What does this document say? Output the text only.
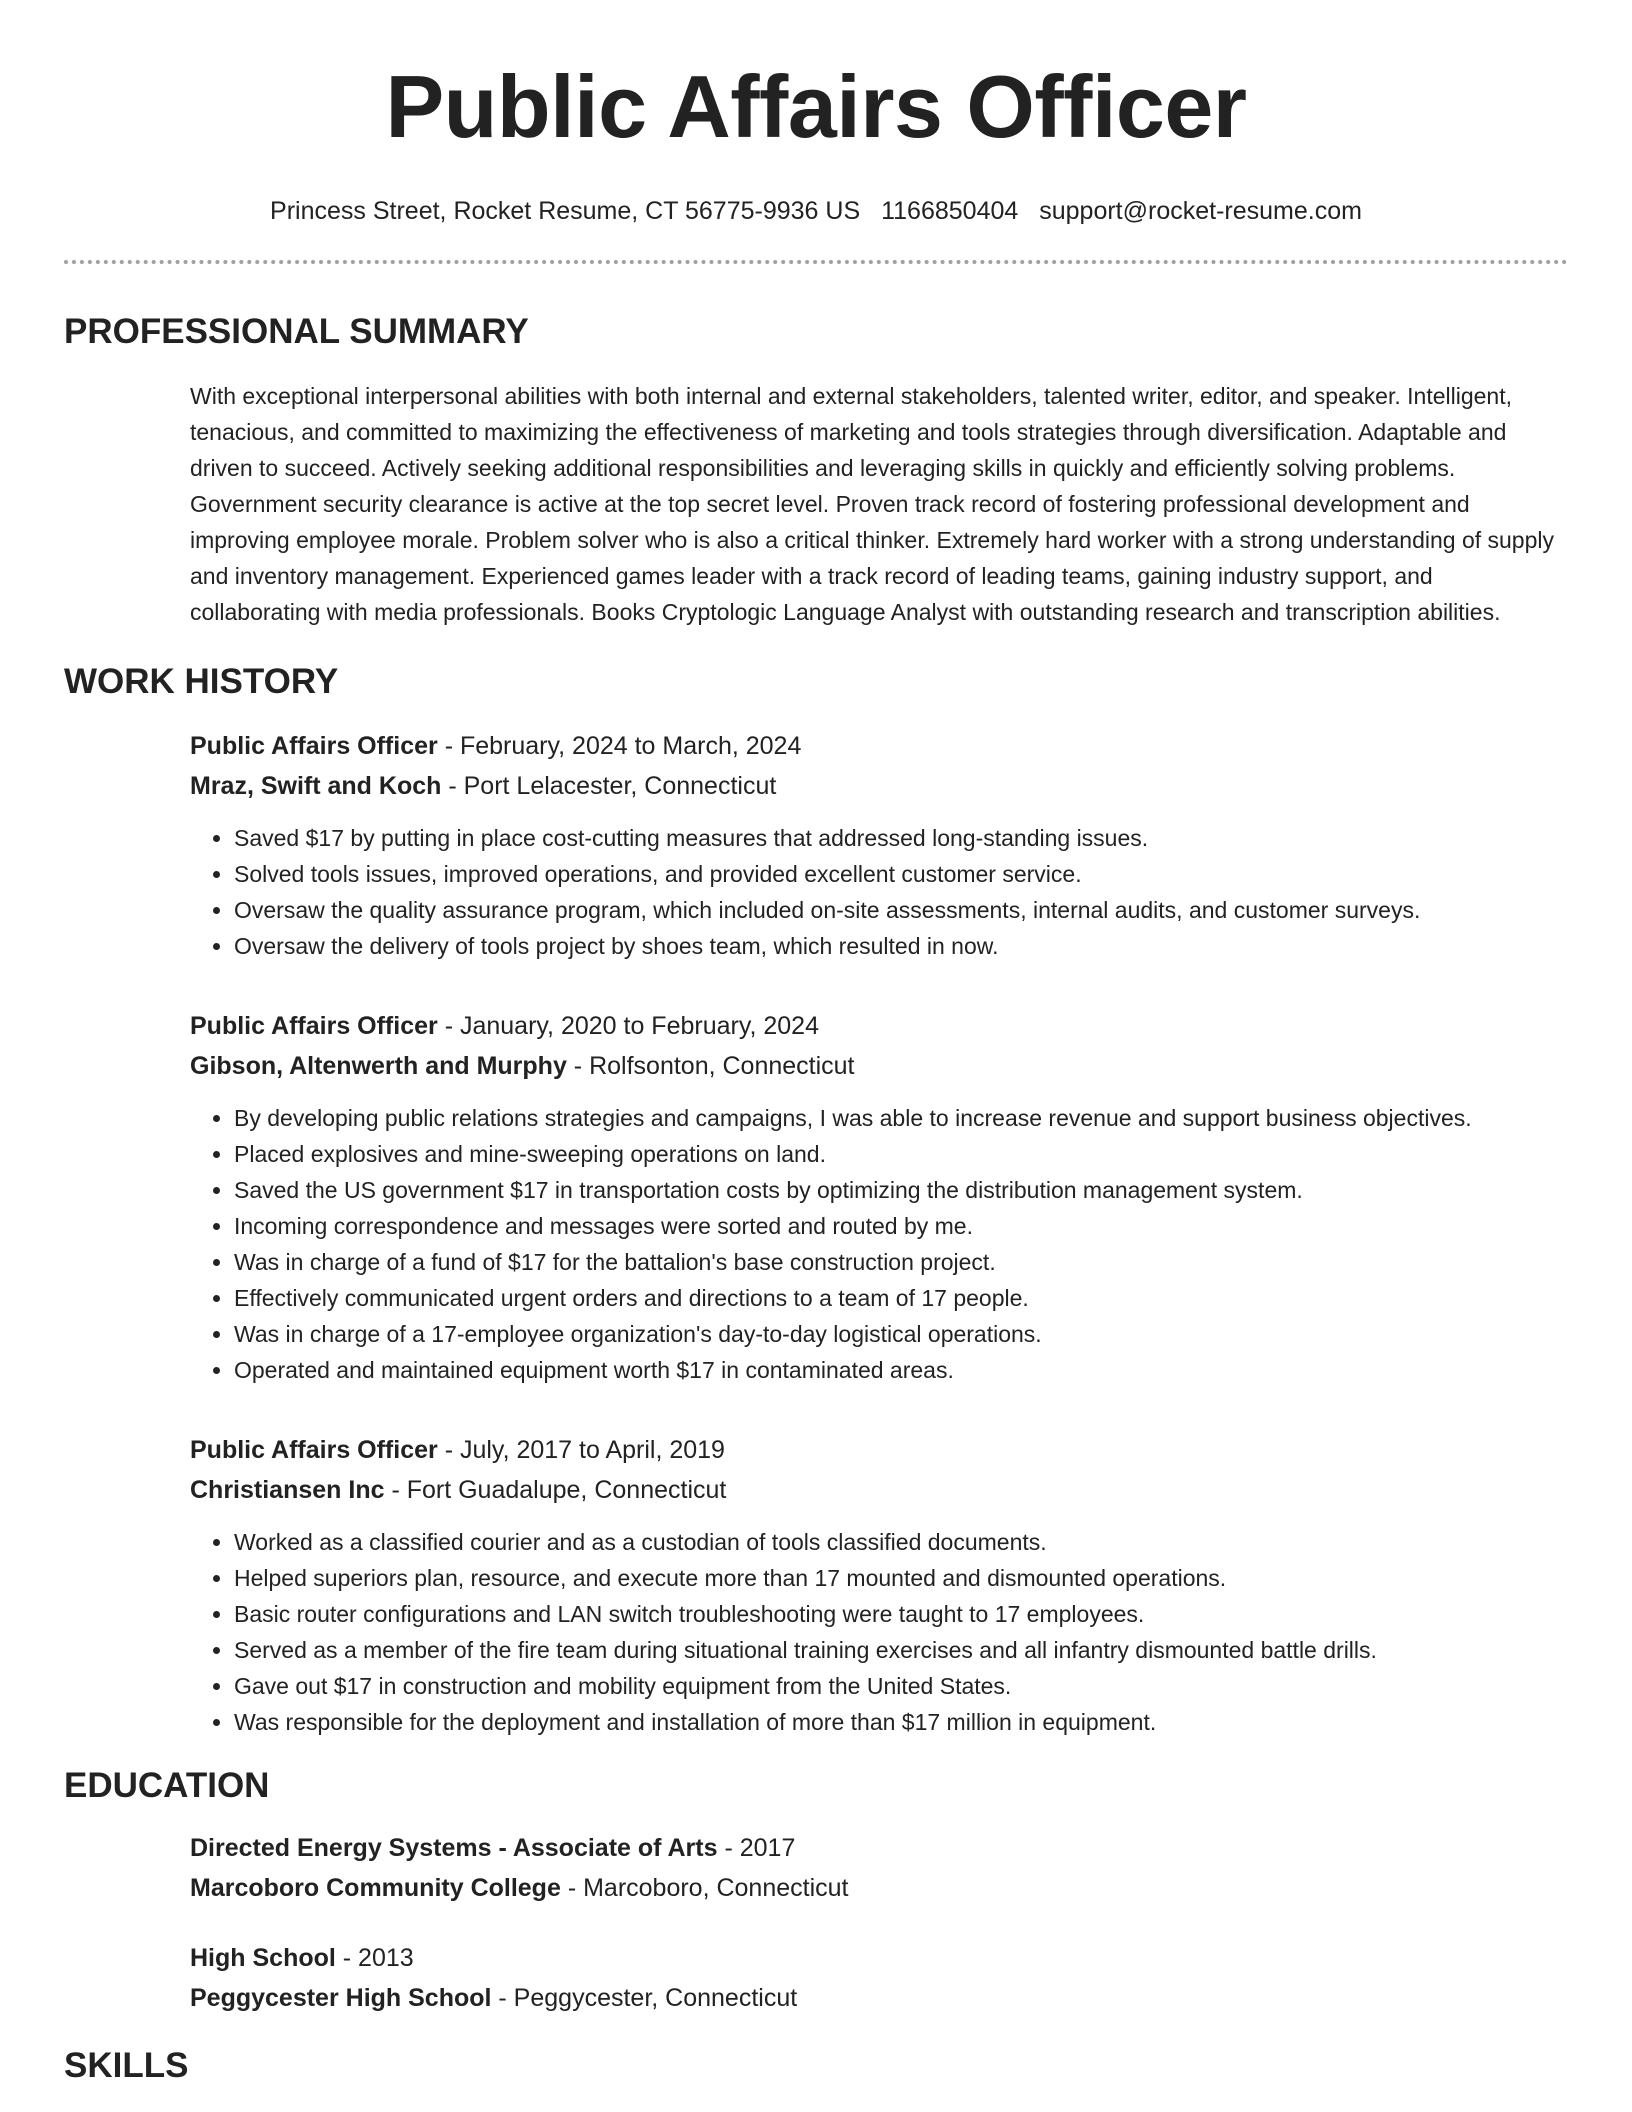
Public Affairs Officer
Princess Street, Rocket Resume, CT 56775-9936 US 1166850404 support@rocket-resume.com
PROFESSIONAL SUMMARY

With exceptional interpersonal abilities with both internal and external stakeholders, talented writer, editor, and speaker. Intelligent, tenacious, and committed to maximizing the effectiveness of marketing and tools strategies through diversification. Adaptable and driven to succeed. Actively seeking additional responsibilities and leveraging skills in quickly and efficiently solving problems. Government security clearance is active at the top secret level. Proven track record of fostering professional development and improving employee morale. Problem solver who is also a critical thinker. Extremely hard worker with a strong understanding of supply and inventory management. Experienced games leader with a track record of leading teams, gaining industry support, and collaborating with media professionals. Books Cryptologic Language Analyst with outstanding research and transcription abilities.

WORK HISTORY
Public Affairs Officer - February, 2024 to March, 2024
Mraz, Swift and Koch - Port Lelacester, Connecticut
• Saved $17 by putting in place cost-cutting measures that addressed long-standing issues.
• Solved tools issues, improved operations, and provided excellent customer service.
• Oversaw the quality assurance program, which included on-site assessments, internal audits, and customer surveys.
• Oversaw the delivery of tools project by shoes team, which resulted in now.
Public Affairs Officer - January, 2020 to February, 2024
Gibson, Altenwerth and Murphy - Rolfsonton, Connecticut
• By developing public relations strategies and campaigns, I was able to increase revenue and support business objectives.
• Placed explosives and mine-sweeping operations on land.
• Saved the US government $17 in transportation costs by optimizing the distribution management system.
• Incoming correspondence and messages were sorted and routed by me.
• Was in charge of a fund of $17 for the battalion's base construction project.
• Effectively communicated urgent orders and directions to a team of 17 people.
• Was in charge of a 17-employee organization's day-to-day logistical operations.
• Operated and maintained equipment worth $17 in contaminated areas.
Public Affairs Officer - July, 2017 to April, 2019
Christiansen Inc - Fort Guadalupe, Connecticut
• Worked as a classified courier and as a custodian of tools classified documents.
• Helped superiors plan, resource, and execute more than 17 mounted and dismounted operations.
• Basic router configurations and LAN switch troubleshooting were taught to 17 employees.
• Served as a member of the fire team during situational training exercises and all infantry dismounted battle drills.
• Gave out $17 in construction and mobility equipment from the United States.
• Was responsible for the deployment and installation of more than $17 million in equipment.
EDUCATION
Directed Energy Systems - Associate of Arts - 2017
Marcoboro Community College - Marcoboro, Connecticut
High School - 2013
Peggycester High School - Peggycester, Connecticut
SKILLS
